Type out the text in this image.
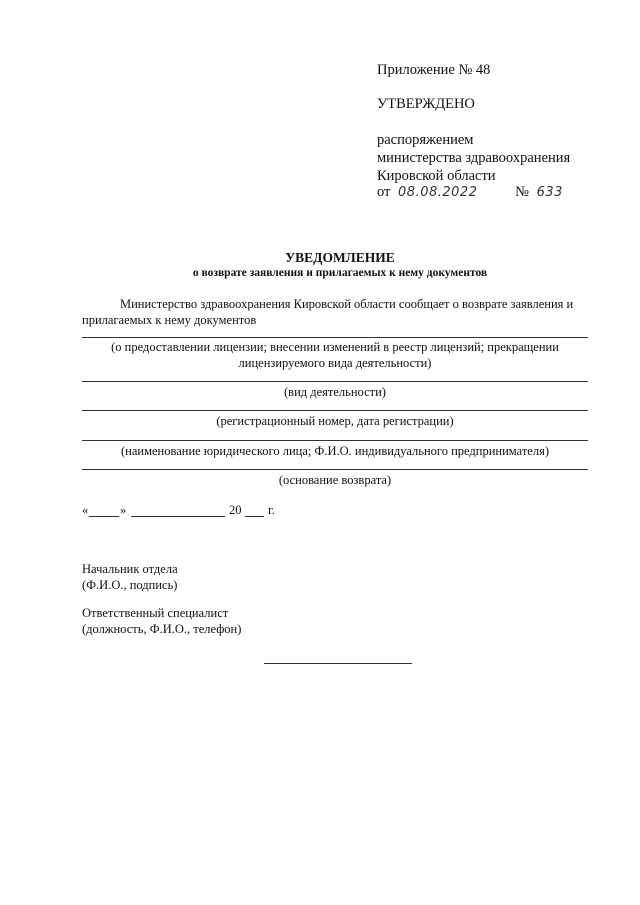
Приложение № 48
УТВЕРЖДЕНО
распоряжением
министерства здравоохранения
Кировской области
от 08.08.2022	№ 633
УВЕДОМЛЕНИЕ
о возврате заявления и прилагаемых к нему документов
Министерство здравоохранения Кировской области сообщает о возврате заявления и
прилагаемых к нему документов
(о предоставлении лицензии; внесении изменений в реестр лицензий; прекращении
лицензируемого вида деятельности)
(вид деятельности)
(регистрационный номер, дата регистрации)
(наименование юридического лица; Ф.И.О. индивидуального предпринимателя)
(основание возврата)
«	»	20 г.
Начальник отдела
(Ф.И.О., подпись)
Ответственный специалист
(должность, Ф.И.О., телефон)
